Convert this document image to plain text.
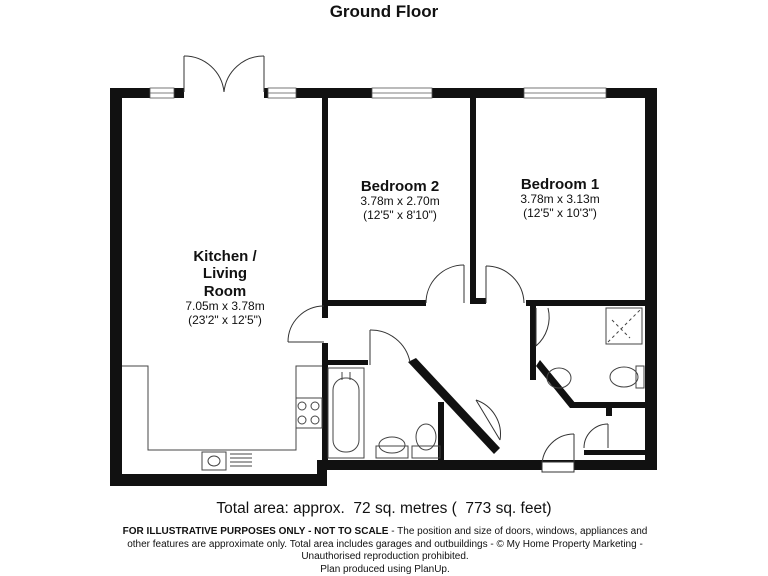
Ground Floor
Kitchen /
Living
Room
7.05m x 3.78m
(23'2" x 12'5")
Bedroom 2
3.78m x 2.70m
(12'5" x 8'10")
Bedroom 1
3.78m x 3.13m
(12'5" x 10'3")
Total area: approx.  72 sq. metres (  773 sq. feet)
FOR ILLUSTRATIVE PURPOSES ONLY - NOT TO SCALE - The position and size of doors, windows, appliances and other features are approximate only. Total area includes garages and outbuildings - © My Home Property Marketing - Unauthorised reproduction prohibited.
Plan produced using PlanUp.
